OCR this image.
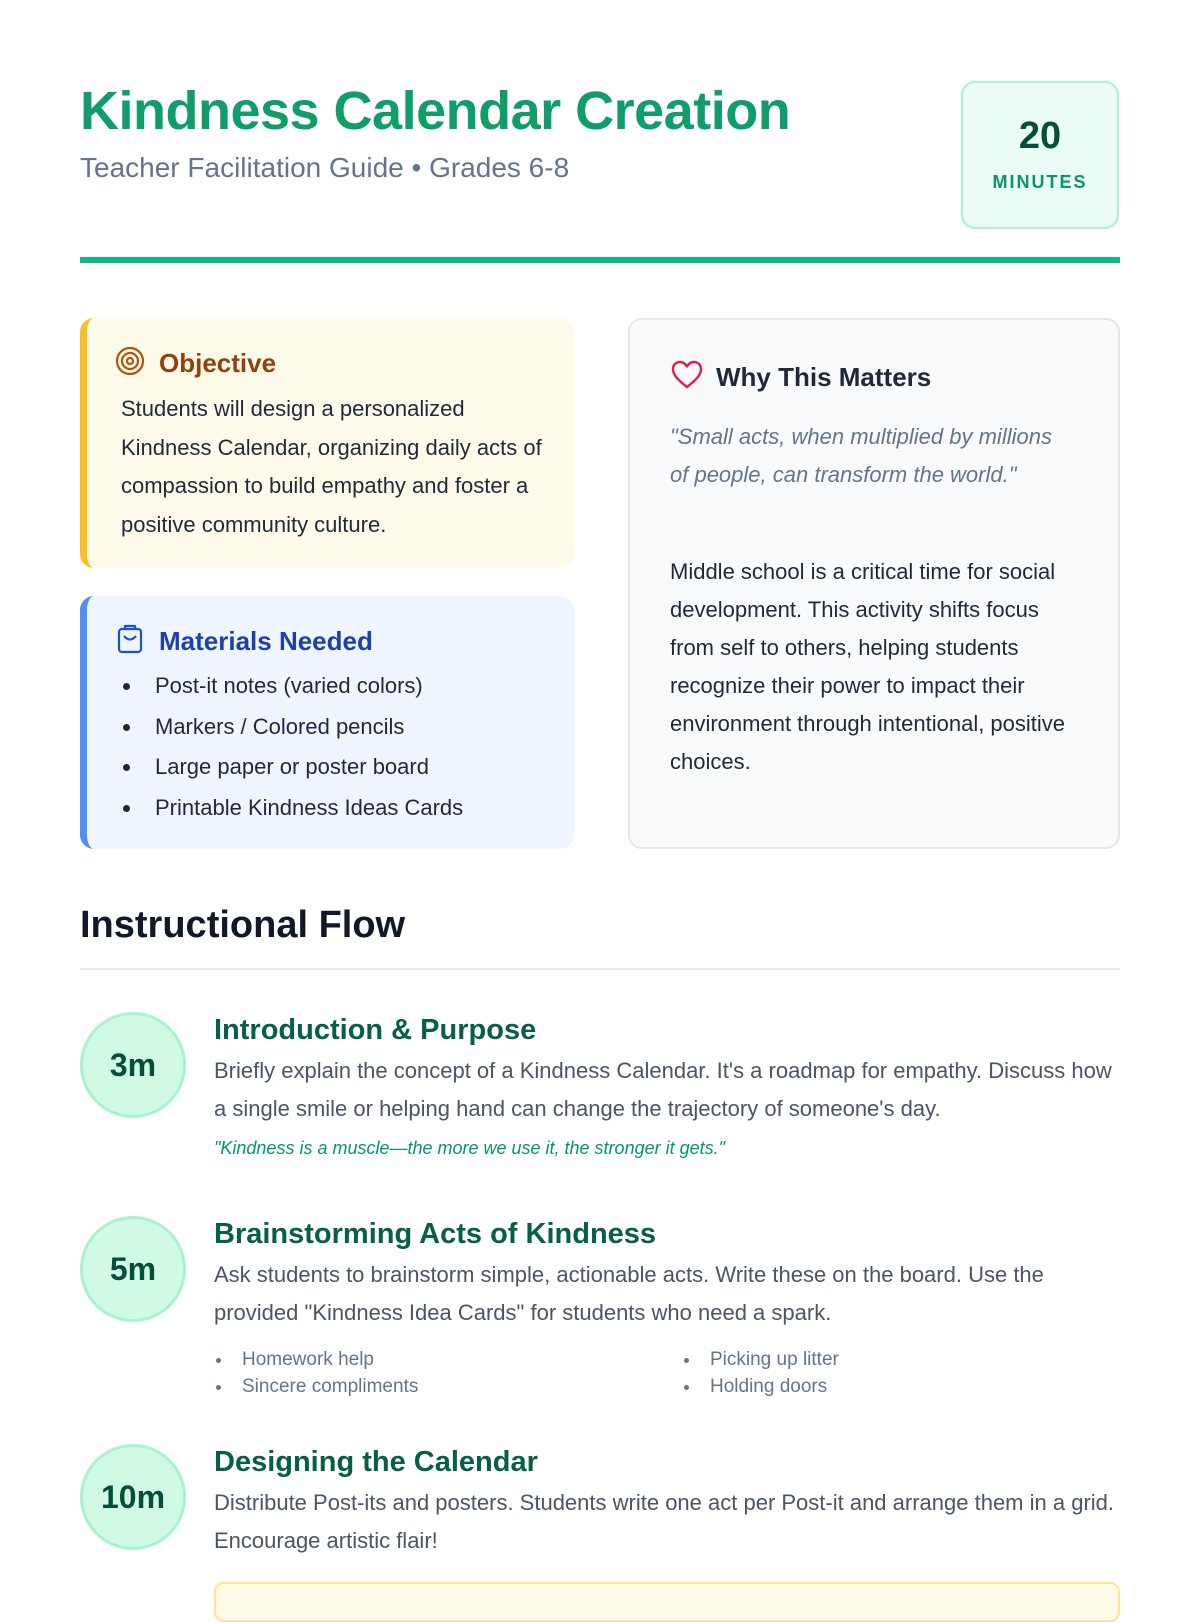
Kindness Calendar Creation
Teacher Facilitation Guide • Grades 6-8
20
MINUTES
Objective

Students will design a personalized Kindness Calendar, organizing daily acts of compassion to build empathy and foster a positive community culture.

Materials Needed
Post-it notes (varied colors)
Markers / Colored pencils
Large paper or poster board
Printable Kindness Ideas Cards
Why This Matters

"Small acts, when multiplied by millions of people, can transform the world."

Middle school is a critical time for social development. This activity shifts focus from self to others, helping students recognize their power to impact their environment through intentional, positive choices.

Instructional Flow
3m
Introduction & Purpose

Briefly explain the concept of a Kindness Calendar. It's a roadmap for empathy. Discuss how a single smile or helping hand can change the trajectory of someone's day.

"Kindness is a muscle—the more we use it, the stronger it gets."

5m
Brainstorming Acts of Kindness

Ask students to brainstorm simple, actionable acts. Write these on the board. Use the provided "Kindness Idea Cards" for students who need a spark.

Homework help	Picking up litter
Sincere compliments	Holding doors
10m
Designing the Calendar

Distribute Post-its and posters. Students write one act per Post-it and arrange them in a grid. Encourage artistic flair!
